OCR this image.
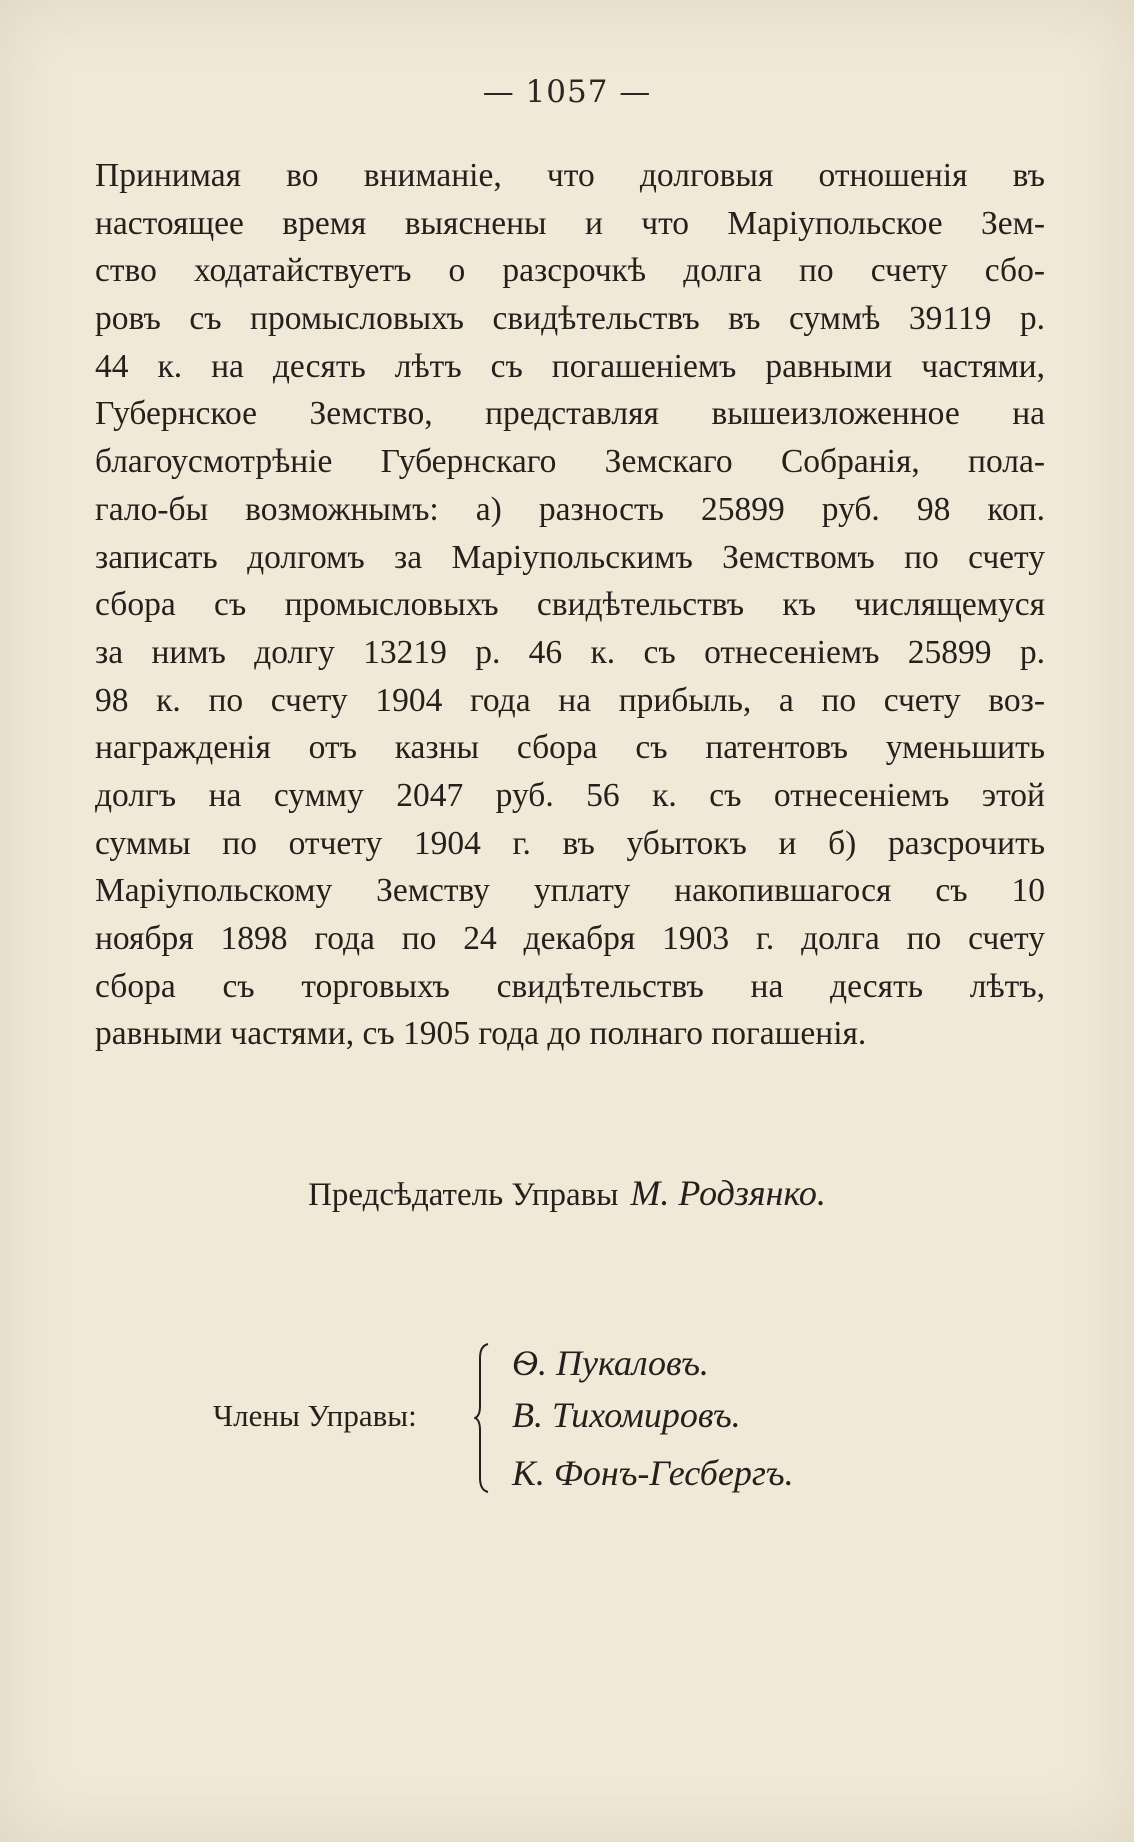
— 1057 —
Принимая во вниманіе, что долговыя отношенія въ
настоящее время выяснены и что Маріупольское Зем-
ство ходатайствуетъ о разсрочкѣ долга по счету сбо-
ровъ съ промысловыхъ свидѣтельствъ въ суммѣ 39119 р.
44 к. на десять лѣтъ съ погашеніемъ равными частями,
Губернское Земство, представляя вышеизложенное на
благоусмотрѣніе Губернскаго Земскаго Собранія, пола-
гало-бы возможнымъ: а) разность 25899 руб. 98 коп.
записать долгомъ за Маріупольскимъ Земствомъ по счету
сбора съ промысловыхъ свидѣтельствъ къ числящемуся
за нимъ долгу 13219 р. 46 к. съ отнесеніемъ 25899 р.
98 к. по счету 1904 года на прибыль, а по счету воз-
награжденія отъ казны сбора съ патентовъ уменьшить
долгъ на сумму 2047 руб. 56 к. съ отнесеніемъ этой
суммы по отчету 1904 г. въ убытокъ и б) разсрочить
Маріупольскому Земству уплату накопившагося съ 10
ноября 1898 года по 24 декабря 1903 г. долга по счету
сбора съ торговыхъ свидѣтельствъ на десять лѣтъ,
равными частями, съ 1905 года до полнаго погашенія.
Предсѣдатель Управы М. Родзянко.
Члены Управы:
Ѳ. Пукаловъ.
В. Тихомировъ.
К. Фонъ-Гесбергъ.
